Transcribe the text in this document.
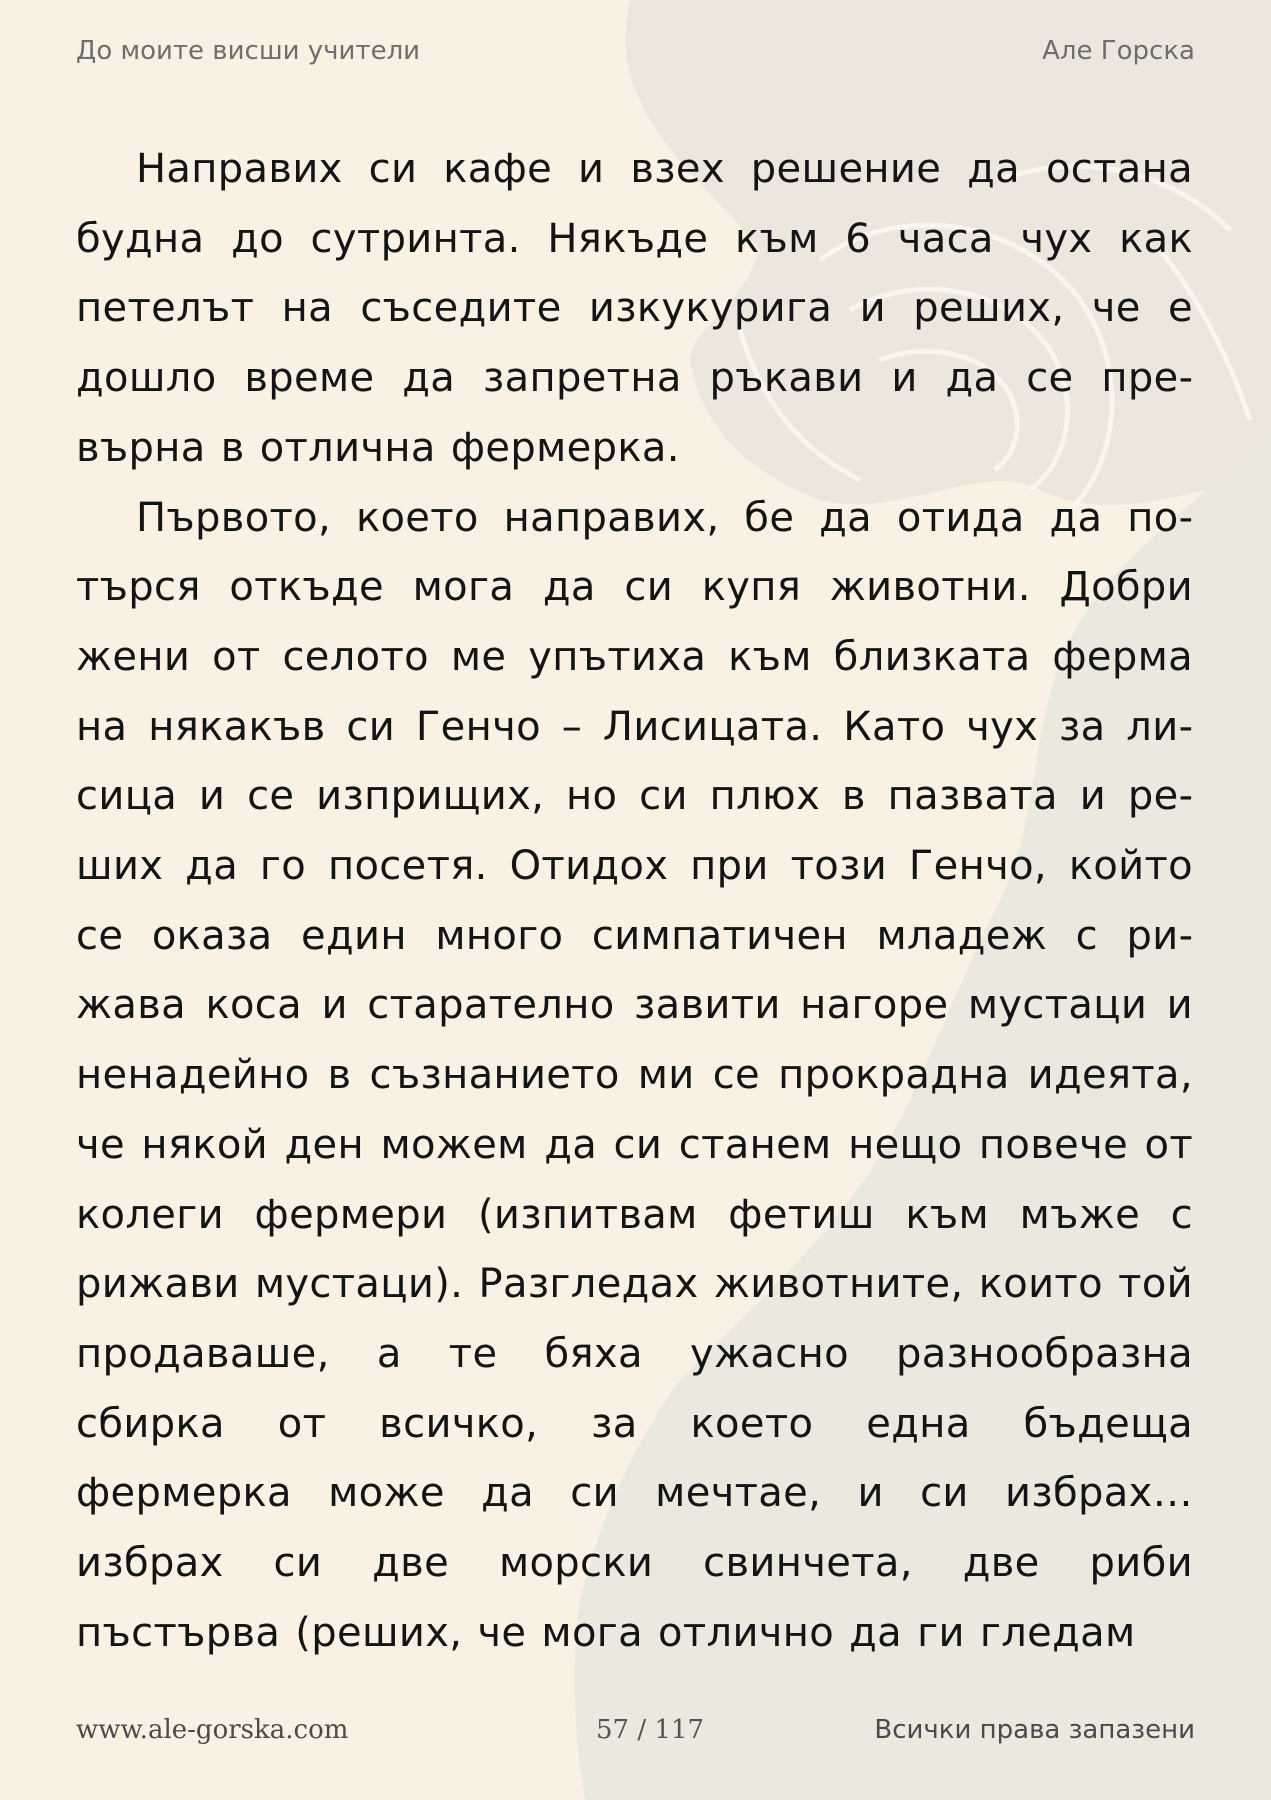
До моите висши учители	Але Горска

Направих си кафе и взех решение да остана будна до сутринта. Някъде към 6 часа чух как петелът на съседите изкукурига и реших, че е дошло време да запретна ръкави и да се превърна в отлична фермерка.

Първото, което направих, бе да отида да потърся откъде мога да си купя животни. Добри жени от селото ме упътиха към близката ферма на някакъв си Генчо – Лисицата. Като чух за лисица и се изприщих, но си плюх в пазвата и реших да го посетя. Отидох при този Генчо, който се оказа един много симпатичен младеж с рижава коса и старателно завити нагоре мустаци и ненадейно в съзнанието ми се прокрадна идеята, че някой ден можем да си станем нещо повече от колеги фермери (изпитвам фетиш към мъже с рижави мустаци). Разгледах животните, които той продаваше, а те бяха ужасно разнообразна сбирка от всичко, за което една бъдеща фермерка може да си мечтае, и си избрах… избрах си две морски свинчета, две риби пъстърва (реших, че мога отлично да ги гледам

www.ale-gorska.com	57 / 117	Всички права запазени
